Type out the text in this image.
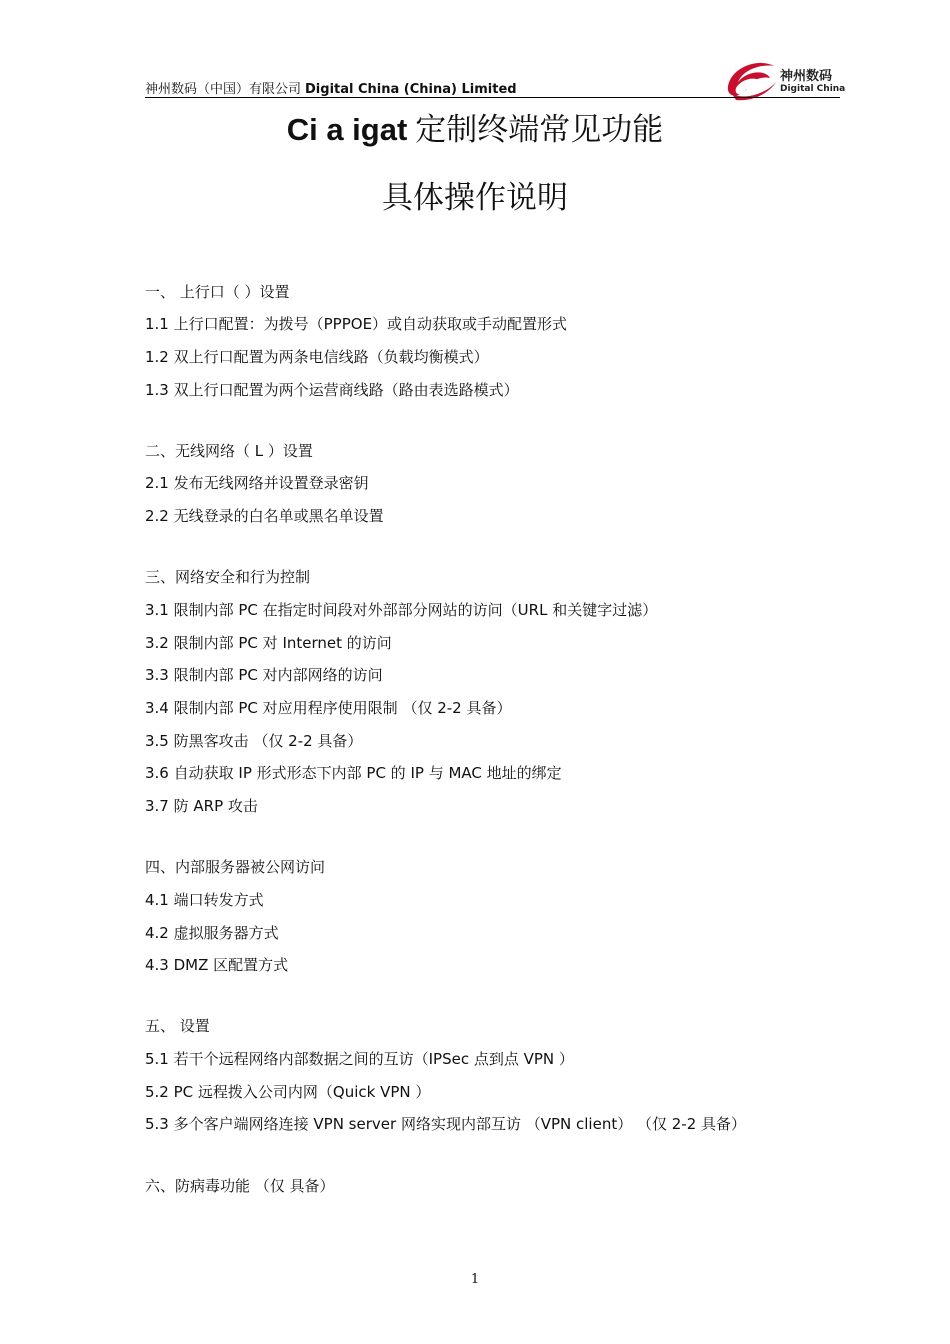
神州数码（中国）有限公司 Digital China (China) Limited
神州数码
Digital China
Ci a igat 定制终端常见功能
具体操作说明
一、 上行口（ ）设置
1.1 上行口配置：为拨号（PPPOE）或自动获取或手动配置形式
1.2 双上行口配置为两条电信线路（负载均衡模式）
1.3 双上行口配置为两个运营商线路（路由表选路模式）
二、无线网络（ L ）设置
2.1 发布无线网络并设置登录密钥
2.2 无线登录的白名单或黑名单设置
三、网络安全和行为控制
3.1 限制内部 PC 在指定时间段对外部部分网站的访问（URL 和关键字过滤）
3.2 限制内部 PC 对 Internet 的访问
3.3 限制内部 PC 对内部网络的访问
3.4 限制内部 PC 对应用程序使用限制 （仅 2-2 具备）
3.5 防黑客攻击 （仅 2-2 具备）
3.6 自动获取 IP 形式形态下内部 PC 的 IP 与 MAC 地址的绑定
3.7 防 ARP 攻击
四、内部服务器被公网访问
4.1 端口转发方式
4.2 虚拟服务器方式
4.3 DMZ 区配置方式
五、 设置
5.1 若干个远程网络内部数据之间的互访（IPSec 点到点 VPN ）
5.2 PC 远程拨入公司内网（Quick VPN ）
5.3 多个客户端网络连接 VPN server 网络实现内部互访 （VPN client） （仅 2-2 具备）
六、防病毒功能 （仅 具备）
1
